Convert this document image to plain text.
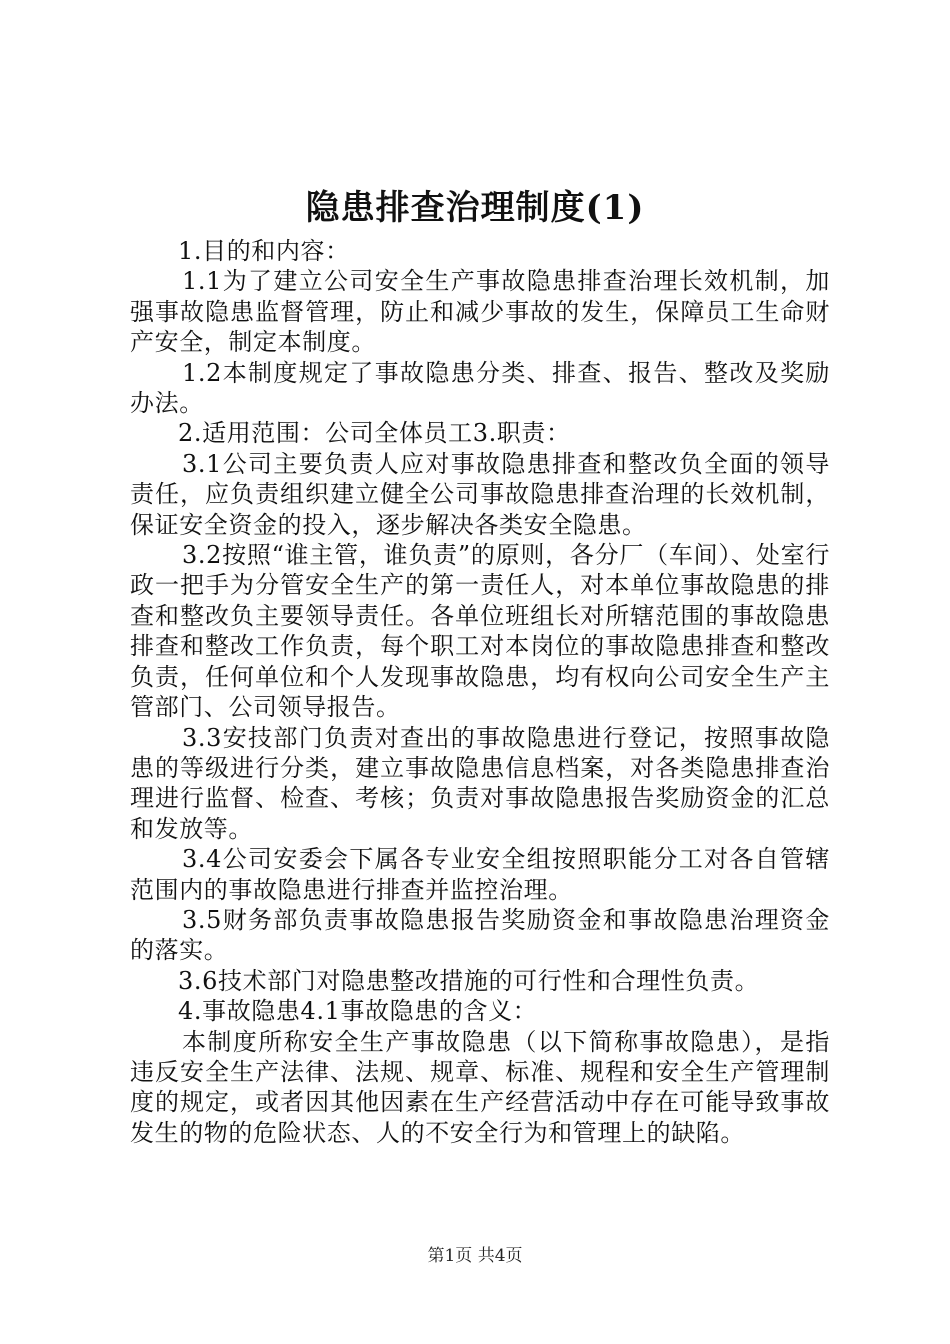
隐患排查治理制度(1)

1.目的和内容：

1.1为了建立公司安全生产事故隐患排查治理长效机制，加强事故隐患监督管理，防止和减少事故的发生，保障员工生命财产安全，制定本制度。

1.2本制度规定了事故隐患分类、排查、报告、整改及奖励办法。

2.适用范围：公司全体员工3.职责：

3.1公司主要负责人应对事故隐患排查和整改负全面的领导责任，应负责组织建立健全公司事故隐患排查治理的长效机制，保证安全资金的投入，逐步解决各类安全隐患。

3.2按照“谁主管，谁负责”的原则，各分厂（车间）、处室行政一把手为分管安全生产的第一责任人，对本单位事故隐患的排查和整改负主要领导责任。各单位班组长对所辖范围的事故隐患排查和整改工作负责，每个职工对本岗位的事故隐患排查和整改负责，任何单位和个人发现事故隐患，均有权向公司安全生产主管部门、公司领导报告。

3.3安技部门负责对查出的事故隐患进行登记，按照事故隐患的等级进行分类，建立事故隐患信息档案，对各类隐患排查治理进行监督、检查、考核；负责对事故隐患报告奖励资金的汇总和发放等。

3.4公司安委会下属各专业安全组按照职能分工对各自管辖范围内的事故隐患进行排查并监控治理。

3.5财务部负责事故隐患报告奖励资金和事故隐患治理资金的落实。

3.6技术部门对隐患整改措施的可行性和合理性负责。

4.事故隐患4.1事故隐患的含义：

本制度所称安全生产事故隐患（以下简称事故隐患），是指违反安全生产法律、法规、规章、标准、规程和安全生产管理制度的规定，或者因其他因素在生产经营活动中存在可能导致事故发生的物的危险状态、人的不安全行为和管理上的缺陷。

第1页 共4页
